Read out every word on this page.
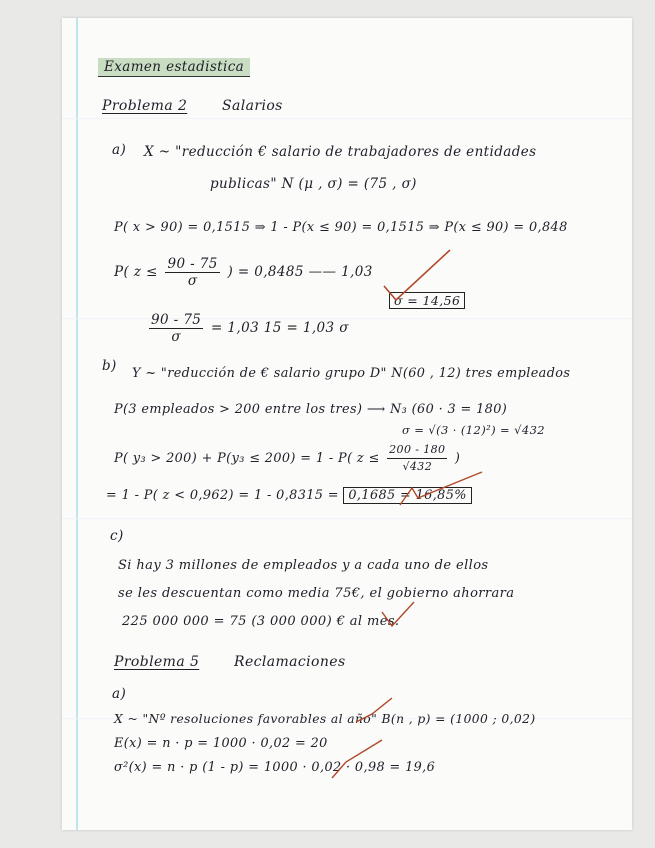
Examen estadistica
Problema 2 Salarios
a) X ~ "reducción € salario de trabajadores de entidades
publicas" N (μ , σ) = (75 , σ)
P( x > 90) = 0,1515 ⇒ 1 - P(x ≤ 90) = 0,1515 ⇒ P(x ≤ 90) = 0,848
P( $z \le \frac{90 - 75}{\sigma}$ ) = 0,8485 —— 1,03
σ = 14,56
$\frac{90 - 75}{\sigma} = 1,03$ 15 = 1,03 σ
b) Y ~ "reducción de € salario grupo D" N(60 , 12) tres empleados
P(3 empleados > 200 entre los tres) ⟶ N₃ (60 · 3 = 180)
σ = √(3 · (12)²) = √432
P( y₃ > 200) + P(y₃ ≤ 200) = 1 - P( $z \le \frac{200 - 180}{√432}$ )
= 1 - P( z < 0,962) = 1 - 0,8315 = 0,1685 = 16,85%
c)
Si hay 3 millones de empleados y a cada uno de ellos
se les descuentan como media 75€, el gobierno ahorrara
225 000 000 = 75 (3 000 000) € al mes.
Problema 5 Reclamaciones
a)
X ~ "Nº resoluciones favorables al año" B(n , p) = (1000 ; 0,02)
E(x) = n · p = 1000 · 0,02 = 20
σ²(x) = n · p (1 - p) = 1000 · 0,02 · 0,98 = 19,6
